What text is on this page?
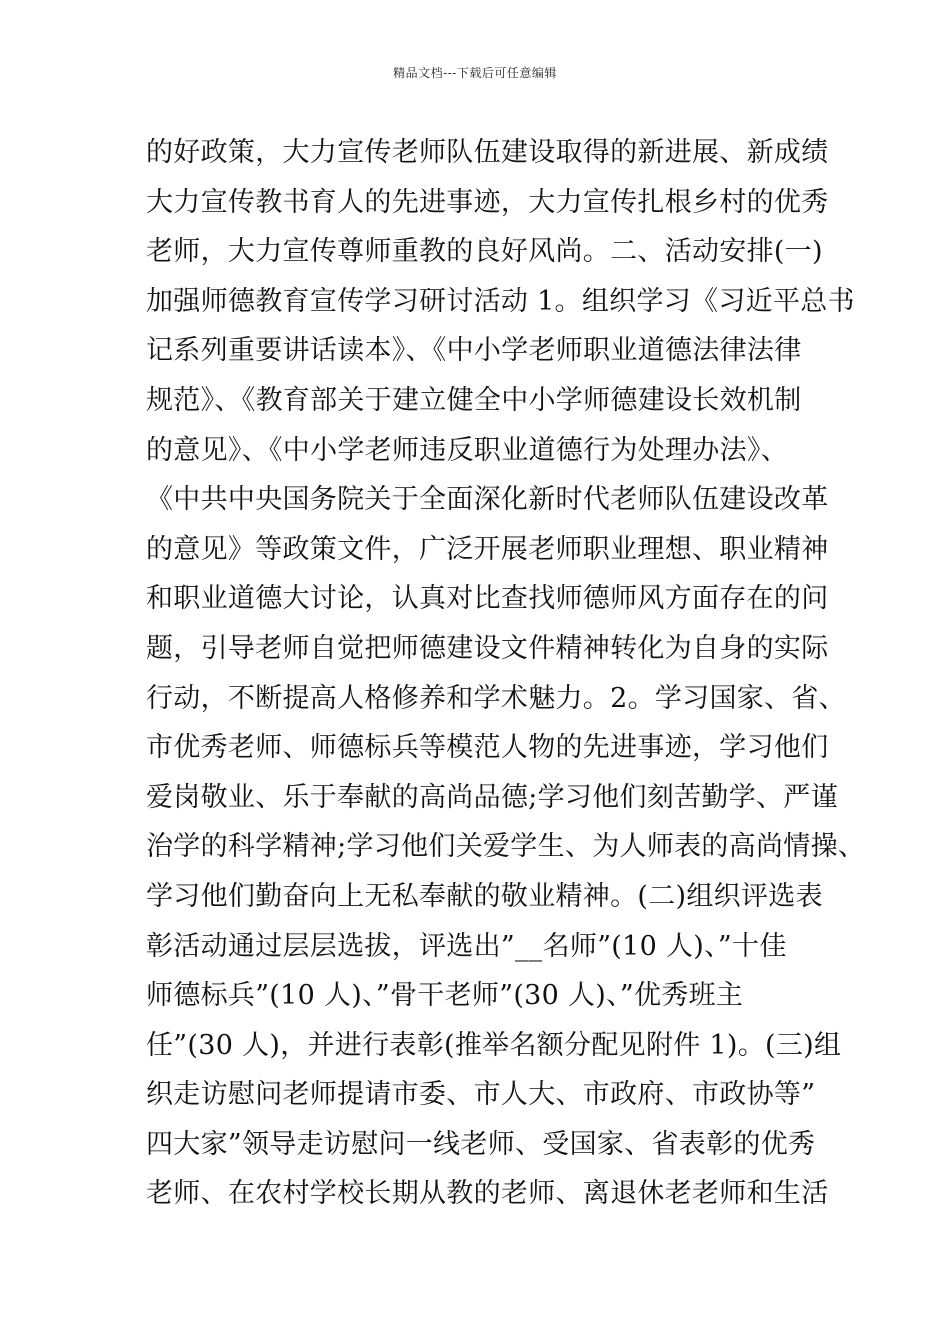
精品文档---下载后可任意编辑
的好政策，大力宣传老师队伍建设取得的新进展、新成绩
大力宣传教书育人的先进事迹，大力宣传扎根乡村的优秀
老师，大力宣传尊师重教的良好风尚。二、活动安排(一)
加强师德教育宣传学习研讨活动 1。组织学习《习近平总书
记系列重要讲话读本》、《中小学老师职业道德法律法律
规范》、《教育部关于建立健全中小学师德建设长效机制
的意见》、《中小学老师违反职业道德行为处理办法》、
《中共中央国务院关于全面深化新时代老师队伍建设改革
的意见》等政策文件，广泛开展老师职业理想、职业精神
和职业道德大讨论，认真对比查找师德师风方面存在的问
题，引导老师自觉把师德建设文件精神转化为自身的实际
行动，不断提高人格修养和学术魅力。2。学习国家、省、
市优秀老师、师德标兵等模范人物的先进事迹，学习他们
爱岗敬业、乐于奉献的高尚品德;学习他们刻苦勤学、严谨
治学的科学精神;学习他们关爱学生、为人师表的高尚情操、
学习他们勤奋向上无私奉献的敬业精神。(二)组织评选表
彰活动通过层层选拔，评选出”__名师”(10 人)、”十佳
师德标兵”(10 人)、”骨干老师”(30 人)、”优秀班主
任”(30 人)，并进行表彰(推举名额分配见附件 1)。(三)组
织走访慰问老师提请市委、市人大、市政府、市政协等”
四大家”领导走访慰问一线老师、受国家、省表彰的优秀
老师、在农村学校长期从教的老师、离退休老老师和生活
